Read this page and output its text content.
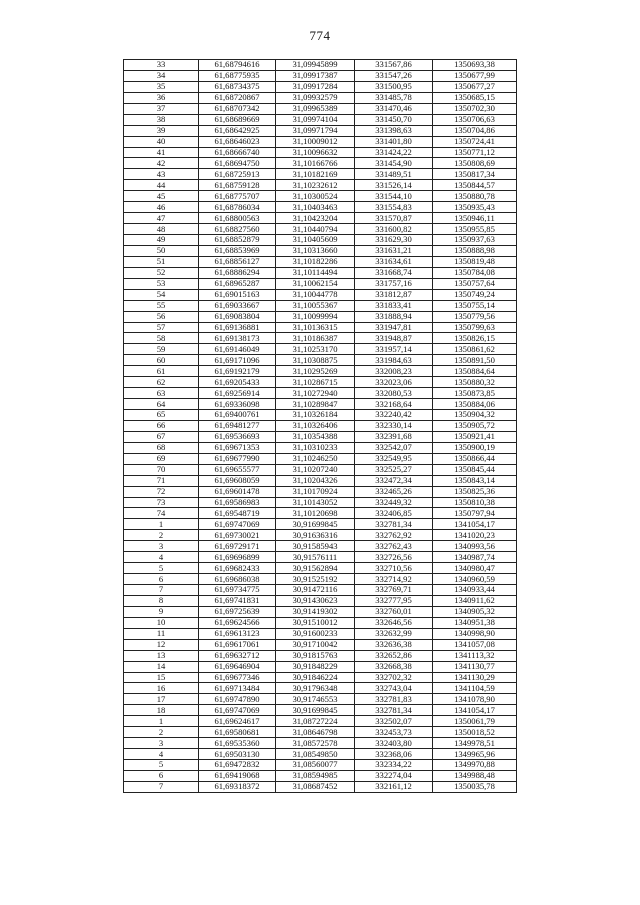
774
33	61,68794616	31,09945899	331567,86	1350693,38
34	61,68775935	31,09917387	331547,26	1350677,99
35	61,68734375	31,09917284	331500,95	1350677,27
36	61,68720867	31,09932579	331485,78	1350685,15
37	61,68707342	31,09965389	331470,46	1350702,30
38	61,68689669	31,09974104	331450,70	1350706,63
39	61,68642925	31,09971794	331398,63	1350704,86
40	61,68646023	31,10009012	331401,80	1350724,41
41	61,68666740	31,10096632	331424,22	1350771,12
42	61,68694750	31,10166766	331454,90	1350808,69
43	61,68725913	31,10182169	331489,51	1350817,34
44	61,68759128	31,10232612	331526,14	1350844,57
45	61,68775707	31,10300524	331544,10	1350880,78
46	61,68786034	31,10403463	331554,83	1350935,43
47	61,68800563	31,10423204	331570,87	1350946,11
48	61,68827560	31,10440794	331600,82	1350955,85
49	61,68852879	31,10405609	331629,30	1350937,63
50	61,68853969	31,10313660	331631,21	1350888,98
51	61,68856127	31,10182286	331634,61	1350819,48
52	61,68886294	31,10114494	331668,74	1350784,08
53	61,68965287	31,10062154	331757,16	1350757,64
54	61,69015163	31,10044778	331812,87	1350749,24
55	61,69033667	31,10055367	331833,41	1350755,14
56	61,69083804	31,10099994	331888,94	1350779,56
57	61,69136881	31,10136315	331947,81	1350799,63
58	61,69138173	31,10186387	331948,87	1350826,15
59	61,69146049	31,10253170	331957,14	1350861,62
60	61,69171096	31,10308875	331984,63	1350891,50
61	61,69192179	31,10295269	332008,23	1350884,64
62	61,69205433	31,10286715	332023,06	1350880,32
63	61,69256914	31,10272940	332080,53	1350873,85
64	61,69336098	31,10289847	332168,64	1350884,06
65	61,69400761	31,10326184	332240,42	1350904,32
66	61,69481277	31,10326406	332330,14	1350905,72
67	61,69536693	31,10354388	332391,68	1350921,41
68	61,69671353	31,10310233	332542,07	1350900,19
69	61,69677990	31,10246250	332549,95	1350866,44
70	61,69655577	31,10207240	332525,27	1350845,44
71	61,69608059	31,10204326	332472,34	1350843,14
72	61,69601478	31,10170924	332465,26	1350825,36
73	61,69586983	31,10143052	332449,32	1350810,38
74	61,69548719	31,10120698	332406,85	1350797,94
1	61,69747069	30,91699845	332781,34	1341054,17
2	61,69730021	30,91636316	332762,92	1341020,23
3	61,69729171	30,91585943	332762,43	1340993,56
4	61,69696899	30,91576111	332726,56	1340987,74
5	61,69682433	30,91562894	332710,56	1340980,47
6	61,69686038	30,91525192	332714,92	1340960,59
7	61,69734775	30,91472116	332769,71	1340933,44
8	61,69741831	30,91430623	332777,95	1340911,62
9	61,69725639	30,91419302	332760,01	1340905,32
10	61,69624566	30,91510012	332646,56	1340951,38
11	61,69613123	30,91600233	332632,99	1340998,90
12	61,69617061	30,91710042	332636,38	1341057,08
13	61,69632712	30,91815763	332652,86	1341113,32
14	61,69646904	30,91848229	332668,38	1341130,77
15	61,69677346	30,91846224	332702,32	1341130,29
16	61,69713484	30,91796348	332743,04	1341104,59
17	61,69747890	30,91746553	332781,83	1341078,90
18	61,69747069	30,91699845	332781,34	1341054,17
1	61,69624617	31,08727224	332502,07	1350061,79
2	61,69580681	31,08646798	332453,73	1350018,52
3	61,69535360	31,08572578	332403,80	1349978,51
4	61,69503130	31,08549850	332368,06	1349965,96
5	61,69472832	31,08560077	332334,22	1349970,88
6	61,69419068	31,08594985	332274,04	1349988,48
7	61,69318372	31,08687452	332161,12	1350035,78
